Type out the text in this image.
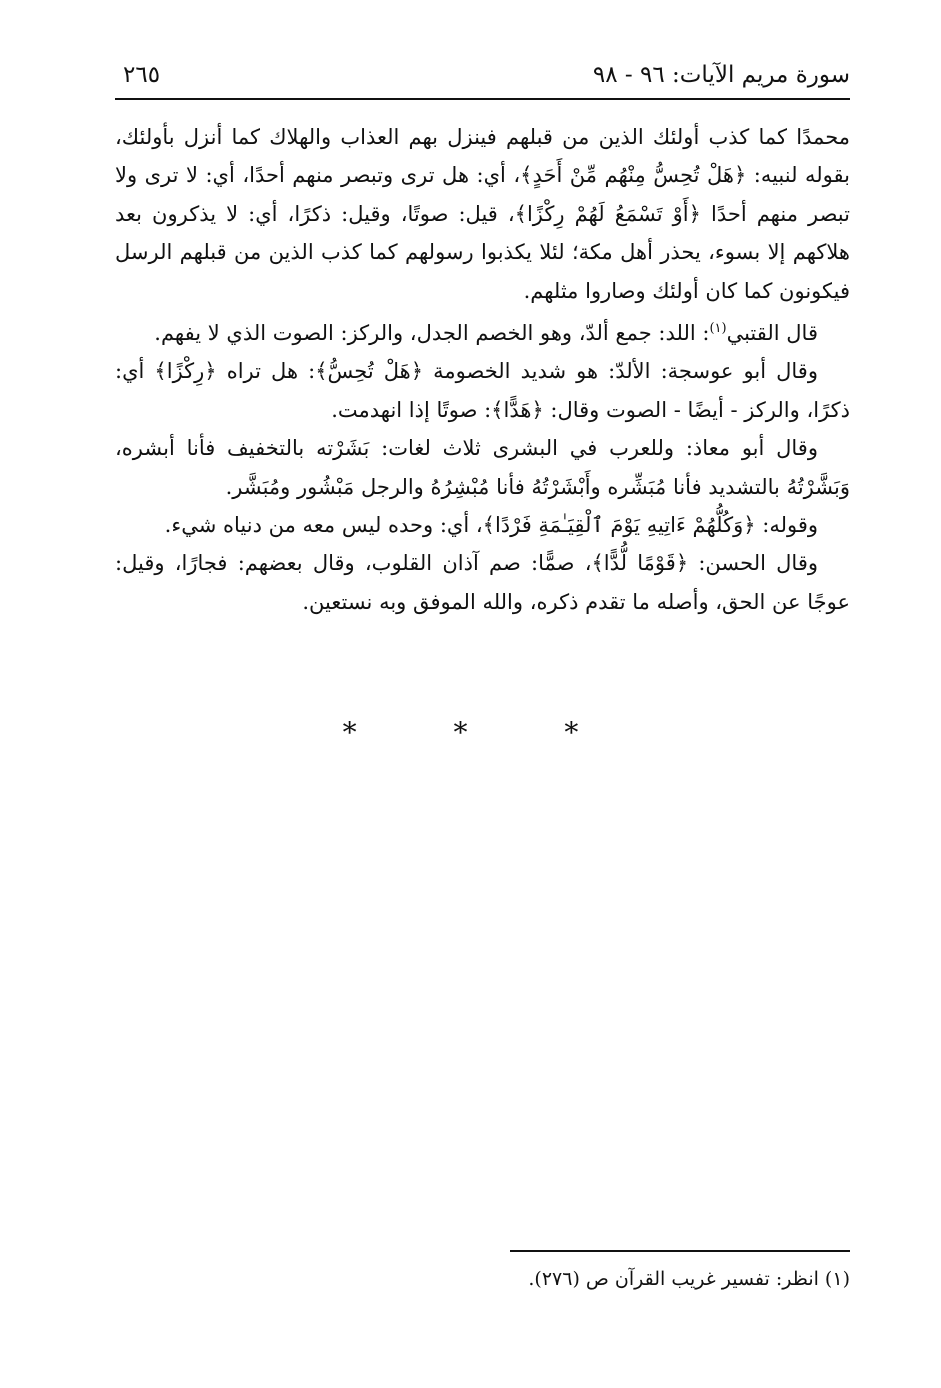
سورة مريم الآيات: ٩٦ - ٩٨
٢٦٥

محمدًا كما كذب أولئك الذين من قبلهم فينزل بهم العذاب والهلاك كما أنزل بأولئك، بقوله لنبيه: ﴿هَلْ تُحِسُّ مِنْهُم مِّنْ أَحَدٍ﴾، أي: هل ترى وتبصر منهم أحدًا، أي: لا ترى ولا تبصر منهم أحدًا ﴿أَوْ تَسْمَعُ لَهُمْ رِكْزًا﴾، قيل: صوتًا، وقيل: ذكرًا، أي: لا يذكرون بعد هلاكهم إلا بسوء، يحذر أهل مكة؛ لئلا يكذبوا رسولهم كما كذب الذين من قبلهم الرسل فيكونون كما كان أولئك وصاروا مثلهم.

قال القتبي$^{(١)}$: اللد: جمع ألدّ، وهو الخصم الجدل، والركز: الصوت الذي لا يفهم.

وقال أبو عوسجة: الألدّ: هو شديد الخصومة ﴿هَلْ تُحِسُّ﴾: هل تراه ﴿رِكْزًا﴾ أي: ذكرًا، والركز - أيضًا - الصوت وقال: ﴿هَدًّا﴾: صوتًا إذا انهدمت.

وقال أبو معاذ: وللعرب في البشرى ثلاث لغات: بَشَرْته بالتخفيف فأنا أبشره، وَبَشَّرْتُهُ بالتشديد فأنا مُبَشِّره وأَبْشَرْتُهُ فأنا مُبْشِرُهُ والرجل مَبْشُور ومُبَشَّر.

وقوله: ﴿وَكُلُّهُمْ ءَاتِيهِ يَوْمَ ٱلْقِيَـٰمَةِ فَرْدًا﴾، أي: وحده ليس معه من دنياه شيء.

وقال الحسن: ﴿قَوْمًا لُّدًّا﴾، صمًّا: صم آذان القلوب، وقال بعضهم: فجارًا، وقيل: عوجًا عن الحق، وأصله ما تقدم ذكره، والله الموفق وبه نستعين.

* * *
(١) انظر: تفسير غريب القرآن ص (٢٧٦).
